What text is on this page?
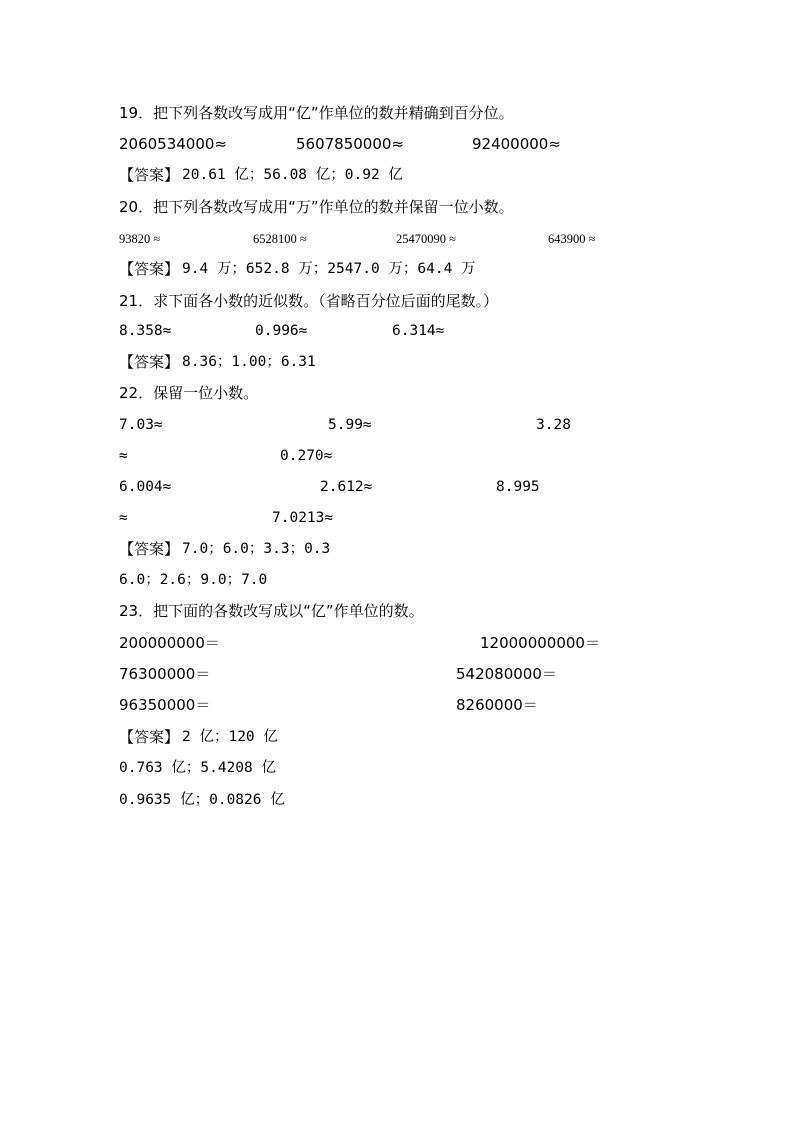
19．把下列各数改写成用“亿”作单位的数并精确到百分位。
2060534000≈	5607850000≈	92400000≈
【答案】 20.61 亿；56.08 亿；0.92 亿
20．把下列各数改写成用“万”作单位的数并保留一位小数。
93820 ≈	6528100 ≈	25470090 ≈	643900 ≈
【答案】 9.4 万；652.8 万；2547.0 万；64.4 万
21．求下面各小数的近似数。（省略百分位后面的尾数。）
8.358≈	0.996≈	6.314≈
【答案】 8.36；1.00；6.31
22．保留一位小数。
7.03≈	5.99≈	3.28
≈	0.270≈
6.004≈	2.612≈	8.995
≈	7.0213≈
【答案】 7.0；6.0；3.3；0.3
6.0；2.6；9.0；7.0
23．把下面的各数改写成以“亿”作单位的数。
200000000＝	12000000000＝
76300000＝	542080000＝
96350000＝	8260000＝
【答案】 2 亿；120 亿
0.763 亿；5.4208 亿
0.9635 亿；0.0826 亿
